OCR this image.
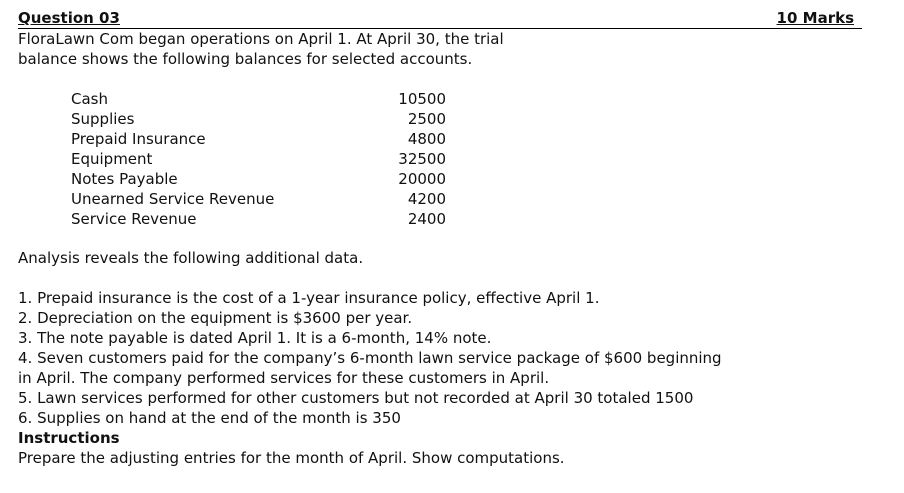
Question 03	10 Marks
FloraLawn Com began operations on April 1. At April 30, the trial
balance shows the following balances for selected accounts.
Cash	10500
Supplies	2500
Prepaid Insurance	4800
Equipment	32500
Notes Payable	20000
Unearned Service Revenue	4200
Service Revenue	2400
Analysis reveals the following additional data.
1. Prepaid insurance is the cost of a 1-year insurance policy, effective April 1.
2. Depreciation on the equipment is $3600 per year.
3. The note payable is dated April 1. It is a 6-month, 14% note.
4. Seven customers paid for the company’s 6-month lawn service package of $600 beginning
in April. The company performed services for these customers in April.
5. Lawn services performed for other customers but not recorded at April 30 totaled 1500
6. Supplies on hand at the end of the month is 350
Instructions
Prepare the adjusting entries for the month of April. Show computations.
